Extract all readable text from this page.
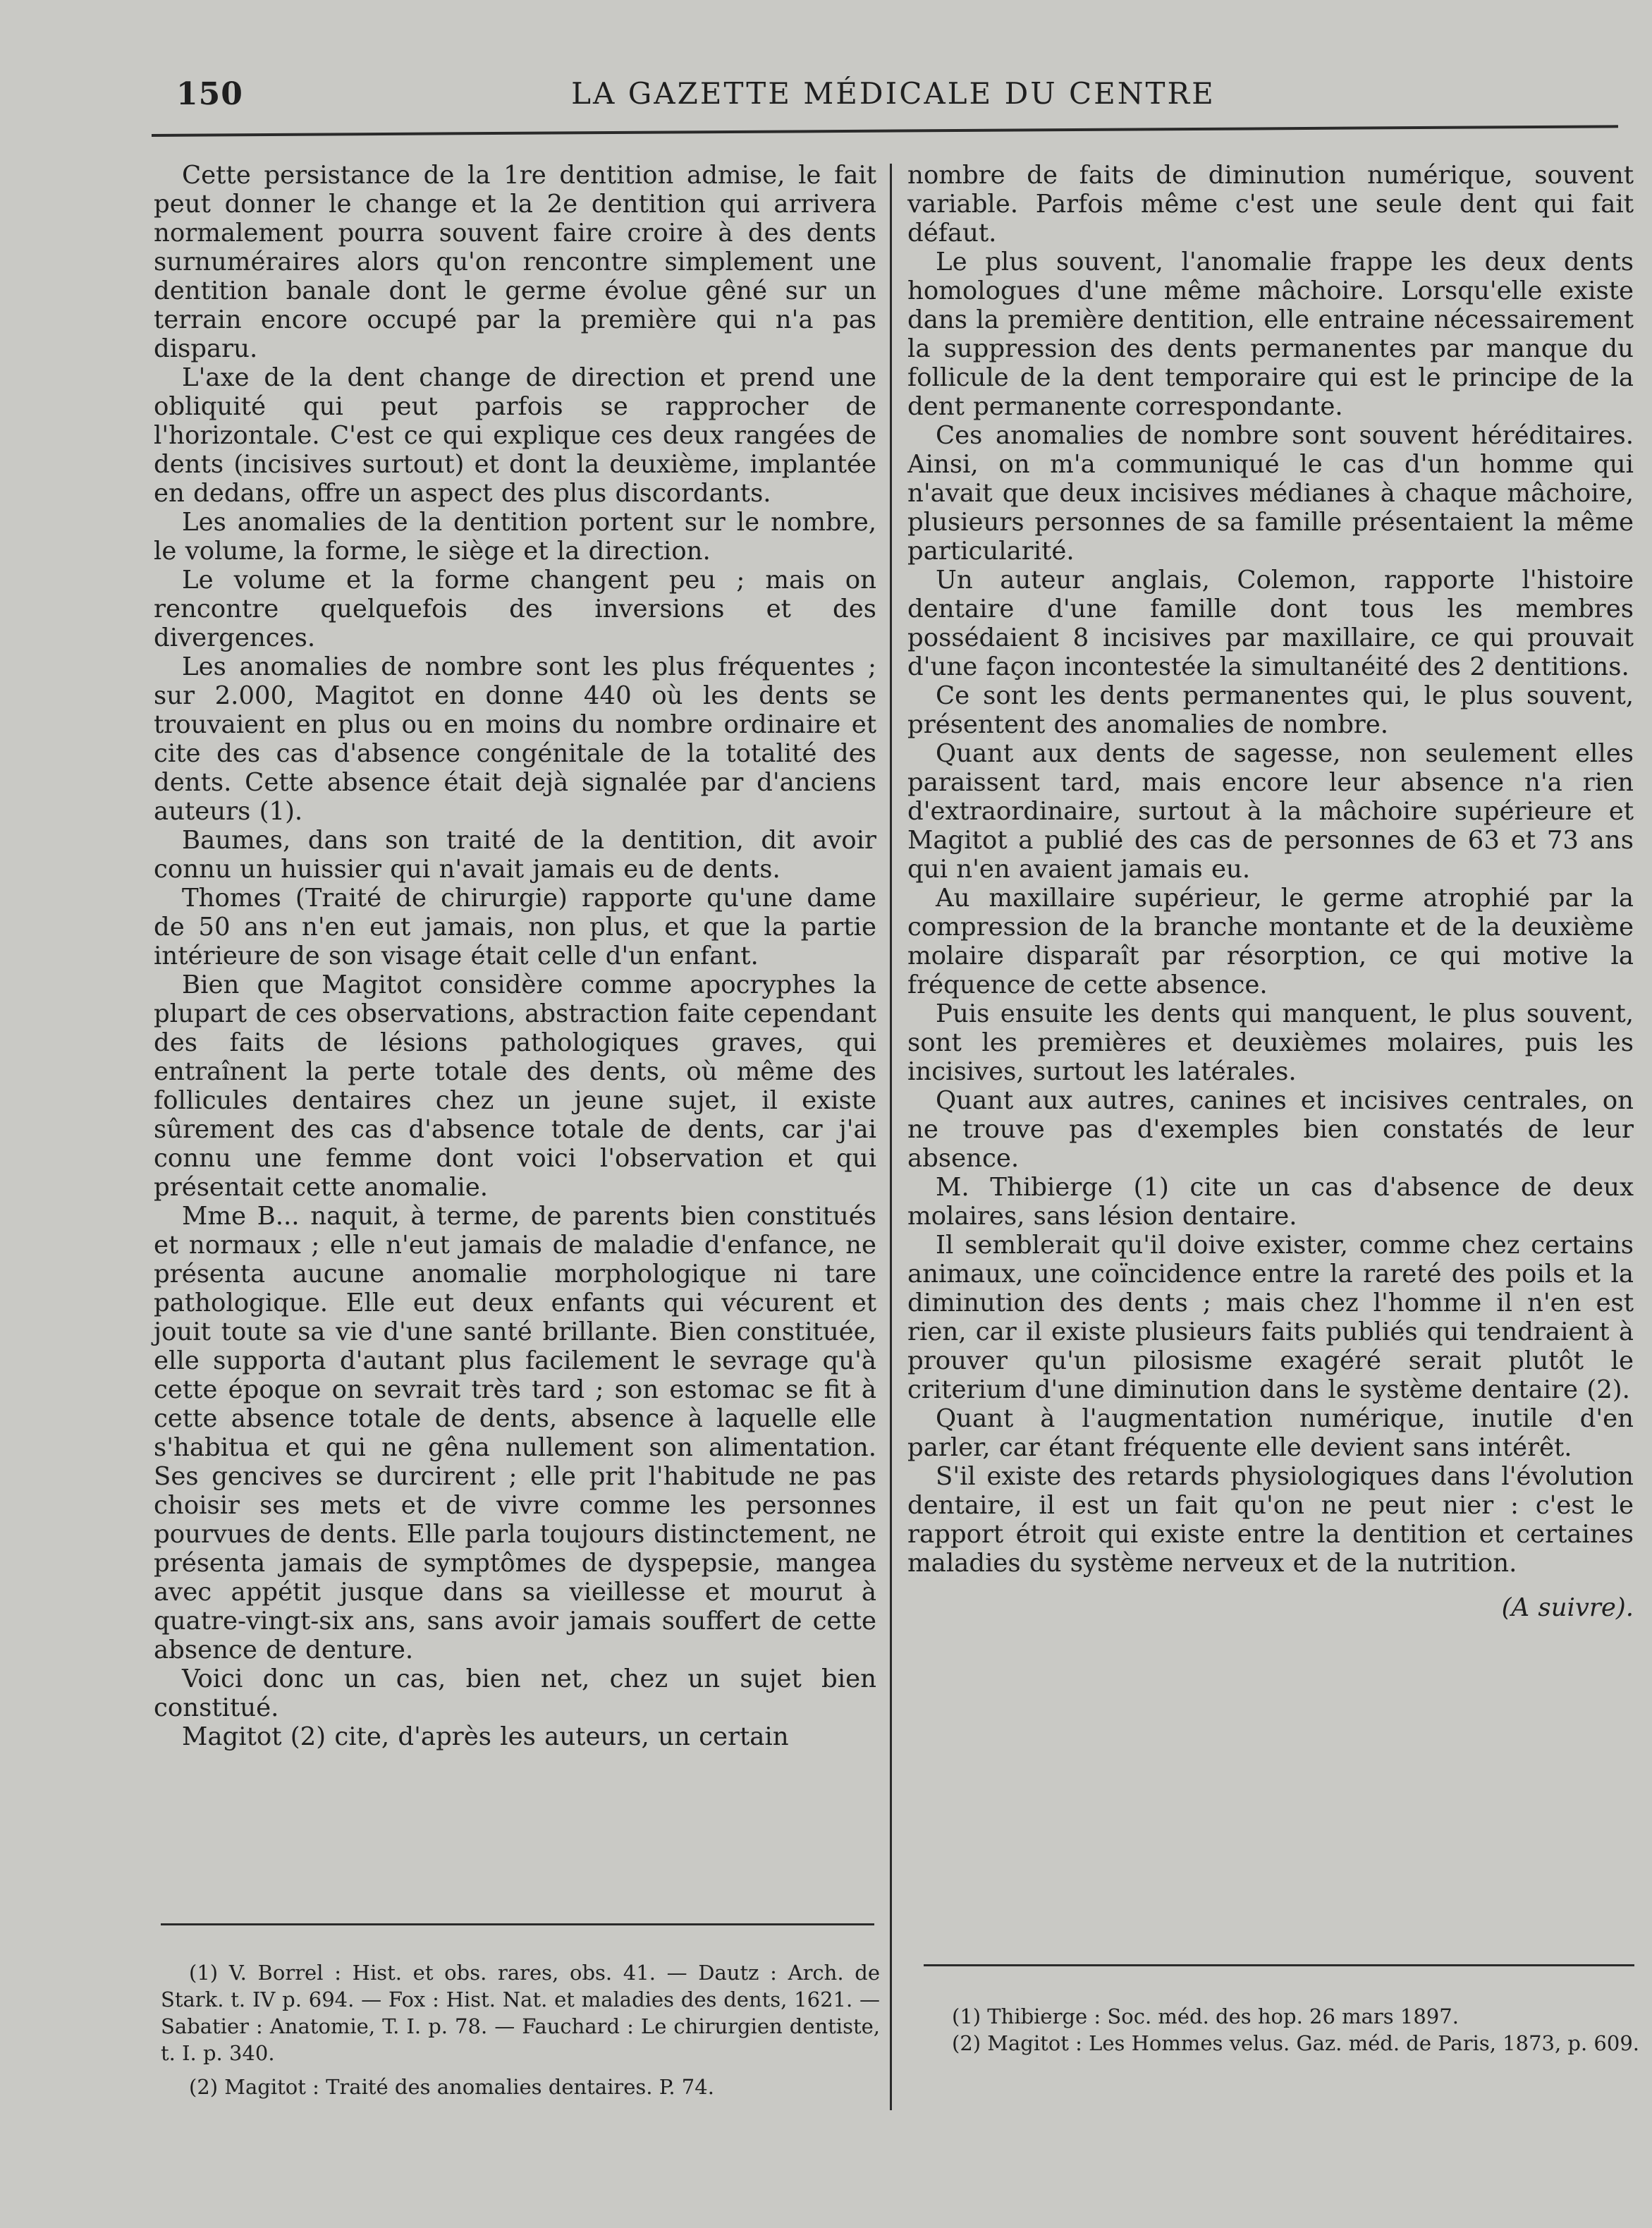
150	LA GAZETTE MÉDICALE DU CENTRE

Cette persistance de la 1re dentition admise, le fait peut donner le change et la 2e dentition qui arrivera normalement pourra souvent faire croire à des dents surnuméraires alors qu'on rencontre simplement une dentition banale dont le germe évolue gêné sur un terrain encore occupé par la première qui n'a pas disparu.

L'axe de la dent change de direction et prend une obliquité qui peut parfois se rapprocher de l'horizontale. C'est ce qui explique ces deux rangées de dents (incisives surtout) et dont la deuxième, implantée en dedans, offre un aspect des plus discordants.

Les anomalies de la dentition portent sur le nombre, le volume, la forme, le siège et la direction.

Le volume et la forme changent peu ; mais on rencontre quelquefois des inversions et des divergences.

Les anomalies de nombre sont les plus fréquentes ; sur 2.000, Magitot en donne 440 où les dents se trouvaient en plus ou en moins du nombre ordinaire et cite des cas d'absence congénitale de la totalité des dents. Cette absence était dejà signalée par d'anciens auteurs (1).

Baumes, dans son traité de la dentition, dit avoir connu un huissier qui n'avait jamais eu de dents.

Thomes (Traité de chirurgie) rapporte qu'une dame de 50 ans n'en eut jamais, non plus, et que la partie intérieure de son visage était celle d'un enfant.

Bien que Magitot considère comme apocryphes la plupart de ces observations, abstraction faite cependant des faits de lésions pathologiques graves, qui entraînent la perte totale des dents, où même des follicules dentaires chez un jeune sujet, il existe sûrement des cas d'absence totale de dents, car j'ai connu une femme dont voici l'observation et qui présentait cette anomalie.

Mme B... naquit, à terme, de parents bien constitués et normaux ; elle n'eut jamais de maladie d'enfance, ne présenta aucune anomalie morphologique ni tare pathologique. Elle eut deux enfants qui vécurent et jouit toute sa vie d'une santé brillante. Bien constituée, elle supporta d'autant plus facilement le sevrage qu'à cette époque on sevrait très tard ; son estomac se fit à cette absence totale de dents, absence à laquelle elle s'habitua et qui ne gêna nullement son alimentation. Ses gencives se durcirent ; elle prit l'habitude ne pas choisir ses mets et de vivre comme les personnes pourvues de dents. Elle parla toujours distinctement, ne présenta jamais de symptômes de dyspepsie, mangea avec appétit jusque dans sa vieillesse et mourut à quatre-vingt-six ans, sans avoir jamais souffert de cette absence de denture.

Voici donc un cas, bien net, chez un sujet bien constitué.

Magitot (2) cite, d'après les auteurs, un certain

nombre de faits de diminution numérique, souvent variable. Parfois même c'est une seule dent qui fait défaut.

Le plus souvent, l'anomalie frappe les deux dents homologues d'une même mâchoire. Lorsqu'elle existe dans la première dentition, elle entraine nécessairement la suppression des dents permanentes par manque du follicule de la dent temporaire qui est le principe de la dent permanente correspondante.

Ces anomalies de nombre sont souvent héréditaires. Ainsi, on m'a communiqué le cas d'un homme qui n'avait que deux incisives médianes à chaque mâchoire, plusieurs personnes de sa famille présentaient la même particularité.

Un auteur anglais, Colemon, rapporte l'histoire dentaire d'une famille dont tous les membres possédaient 8 incisives par maxillaire, ce qui prouvait d'une façon incontestée la simultanéité des 2 dentitions.

Ce sont les dents permanentes qui, le plus souvent, présentent des anomalies de nombre.

Quant aux dents de sagesse, non seulement elles paraissent tard, mais encore leur absence n'a rien d'extraordinaire, surtout à la mâchoire supérieure et Magitot a publié des cas de personnes de 63 et 73 ans qui n'en avaient jamais eu.

Au maxillaire supérieur, le germe atrophié par la compression de la branche montante et de la deuxième molaire disparaît par résorption, ce qui motive la fréquence de cette absence.

Puis ensuite les dents qui manquent, le plus souvent, sont les premières et deuxièmes molaires, puis les incisives, surtout les latérales.

Quant aux autres, canines et incisives centrales, on ne trouve pas d'exemples bien constatés de leur absence.

M. Thibierge (1) cite un cas d'absence de deux molaires, sans lésion dentaire.

Il semblerait qu'il doive exister, comme chez certains animaux, une coïncidence entre la rareté des poils et la diminution des dents ; mais chez l'homme il n'en est rien, car il existe plusieurs faits publiés qui tendraient à prouver qu'un pilosisme exagéré serait plutôt le criterium d'une diminution dans le système dentaire (2).

Quant à l'augmentation numérique, inutile d'en parler, car étant fréquente elle devient sans intérêt.

S'il existe des retards physiologiques dans l'évolution dentaire, il est un fait qu'on ne peut nier : c'est le rapport étroit qui existe entre la dentition et certaines maladies du système nerveux et de la nutrition.

(A suivre).

(1) V. Borrel : Hist. et obs. rares, obs. 41. — Dautz : Arch. de Stark. t. IV p. 694. — Fox : Hist. Nat. et maladies des dents, 1621. — Sabatier : Anatomie, T. I. p. 78. — Fauchard : Le chirurgien dentiste, t. I. p. 340.

(2) Magitot : Traité des anomalies dentaires. P. 74.

(1) Thibierge : Soc. méd. des hop. 26 mars 1897.

(2) Magitot : Les Hommes velus. Gaz. méd. de Paris, 1873, p. 609.
